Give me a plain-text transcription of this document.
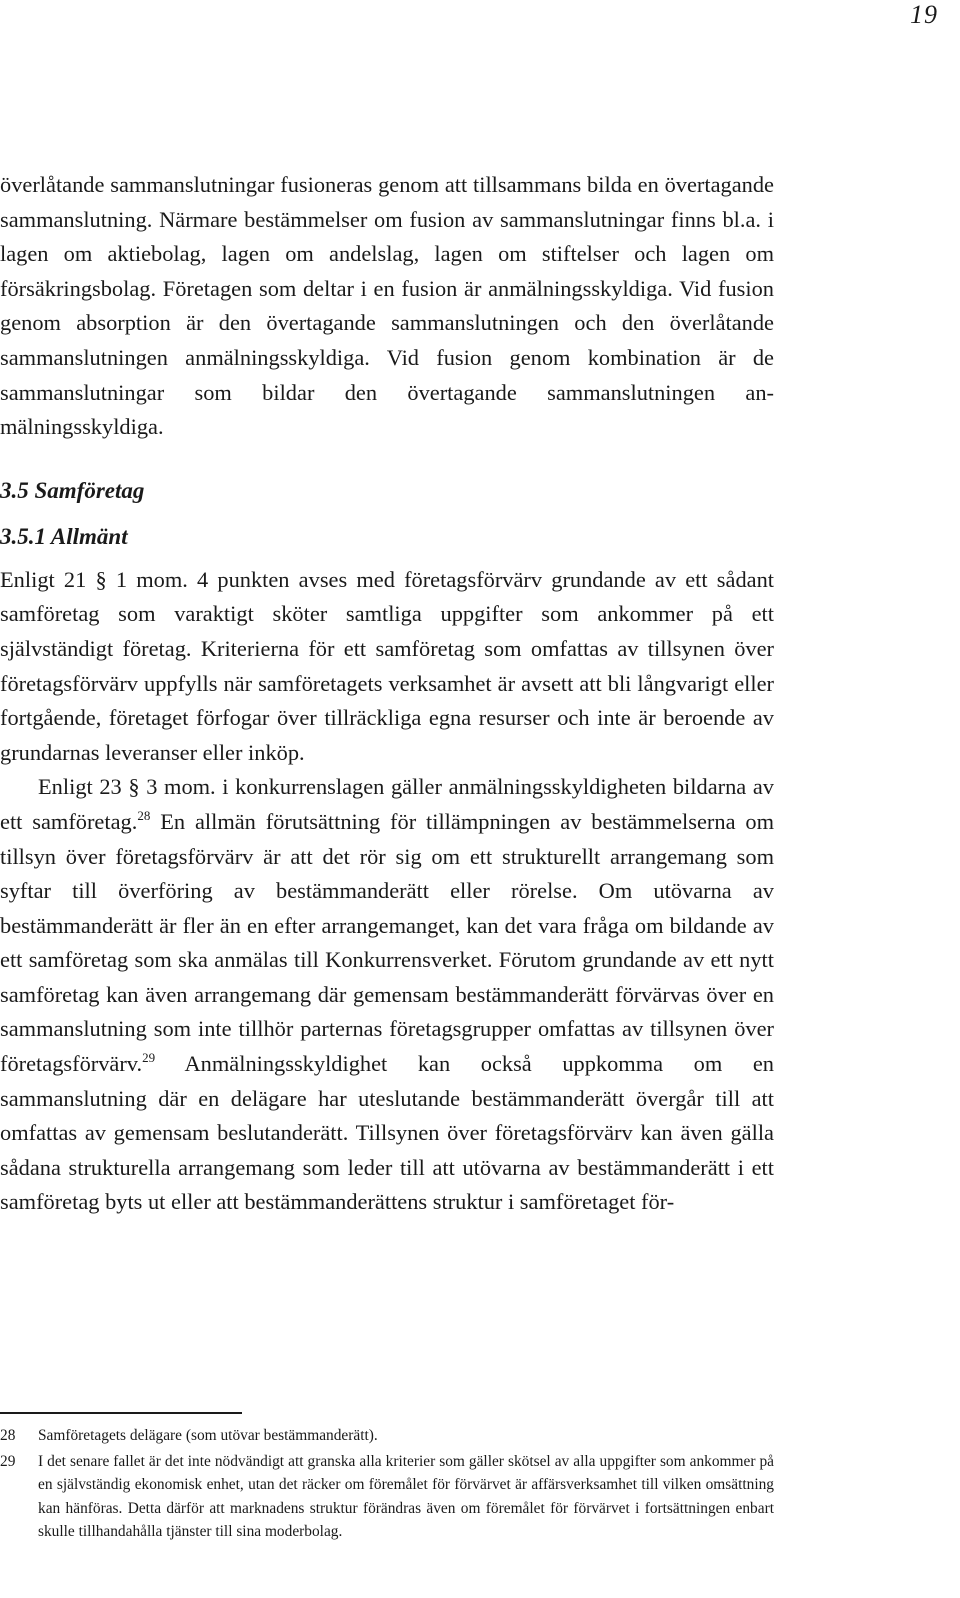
19

överlåtande sammanslutningar fusioneras genom att tillsammans bilda en övertagande sammanslutning. Närmare bestämmelser om fusion av sammanslutningar finns bl.a. i lagen om aktiebolag, lagen om andelslag, lagen om stiftelser och lagen om försäkringsbolag. Företagen som deltar i en fusion är anmälningsskyldiga. Vid fusion genom absorption är den övertagande sammanslutningen och den överlåtande sammanslutningen anmälningsskyldiga. Vid fusion genom kombination är de sammanslutningar som bildar den övertagande sammanslutningen anmälningsskyldiga.

3.5 Samföretag
3.5.1 Allmänt

Enligt 21 § 1 mom. 4 punkten avses med företagsförvärv grundande av ett sådant samföretag som varaktigt sköter samtliga uppgifter som ankommer på ett självständigt företag. Kriterierna för ett samföretag som omfattas av tillsynen över företagsförvärv uppfylls när samföretagets verksamhet är avsett att bli långvarigt eller fortgående, företaget förfogar över tillräckliga egna resurser och inte är beroende av grundarnas leveranser eller inköp.

Enligt 23 § 3 mom. i konkurrenslagen gäller anmälningsskyldigheten bildarna av ett samföretag.$^{28}$ En allmän förutsättning för tillämpningen av bestämmelserna om tillsyn över företagsförvärv är att det rör sig om ett strukturellt arrangemang som syftar till överföring av bestämmanderätt eller rörelse. Om utövarna av bestämmanderätt är fler än en efter arrangemanget, kan det vara fråga om bildande av ett samföretag som ska anmälas till Konkurrensverket. Förutom grundande av ett nytt samföretag kan även arrangemang där gemensam bestämmanderätt förvärvas över en sammanslutning som inte tillhör parternas företagsgrupper omfattas av tillsynen över företagsförvärv.$^{29}$ Anmälningsskyldighet kan också uppkomma om en sammanslutning där en delägare har uteslutande bestämmanderätt övergår till att omfattas av gemensam beslutanderätt. Tillsynen över företagsförvärv kan även gälla sådana strukturella arrangemang som leder till att utövarna av bestämmanderätt i ett samföretag byts ut eller att bestämmanderättens struktur i samföretaget för-

28	Samföretagets delägare (som utövar bestämmanderätt).
29	I det senare fallet är det inte nödvändigt att granska alla kriterier som gäller skötsel av alla uppgifter som ankommer på en självständig ekonomisk enhet, utan det räcker om föremålet för förvärvet är affärsverksamhet till vilken omsättning kan hänföras. Detta därför att marknadens struktur förändras även om föremålet för förvärvet i fortsättningen enbart skulle tillhandahålla tjänster till sina moderbolag.
